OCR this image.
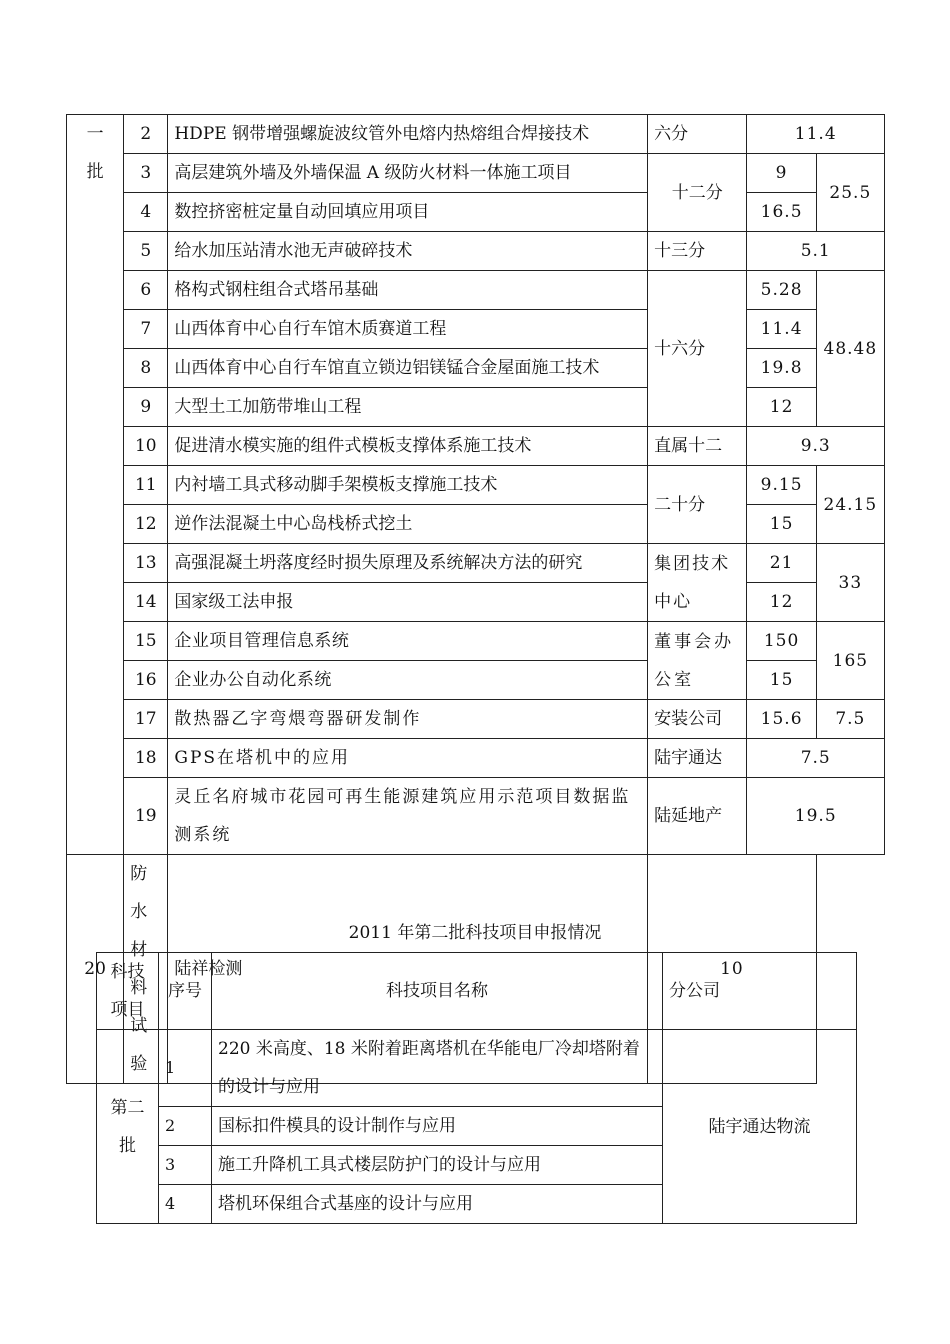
一
批	2	HDPE 钢带增强螺旋波纹管外电熔内热熔组合焊接技术	六分	11.4	
	3	高层建筑外墙及外墙保温 A 级防火材料一体施工项目	十二分	9	25.5
	4	数控挤密桩定量自动回填应用项目		16.5	
	5	给水加压站清水池无声破碎技术	十三分	5.1	
	6	格构式钢柱组合式塔吊基础	十六分	5.28	48.48
	7	山西体育中心自行车馆木质赛道工程		11.4	
	8	山西体育中心自行车馆直立锁边铝镁锰合金屋面施工技术		19.8	

	9	大型土工加筋带堆山工程		12	
	10	促进清水模实施的组件式模板支撑体系施工技术	直属十二	9.3	
	11	内衬墙工具式移动脚手架模板支撑施工技术	二十分	9.15	24.15
	12	逆作法混凝土中心岛栈桥式挖土		15	
	13	高强混凝土坍落度经时损失原理及系统解决方法的研究	集团技术中心	21	33
	14	国家级工法申报		12	
	15	企业项目管理信息系统	董事会办公室	150	165
	16	企业办公自动化系统		15	
	17	散热器乙字弯煨弯器研发制作	安装公司	15.6	7.5
	18	GPS在塔机中的应用	陆宇通达	7.5	
	19	灵丘名府城市花园可再生能源建筑应用示范项目数据监测系统	陆延地产	19.5	
20	防水材料试验	陆祥检测	10		
2011 年第二批科技项目申报情况
科技项目	序号	科技项目名称	分公司
第二批	1	220 米高度、18 米附着距离塔机在华能电厂冷却塔附着的设计与应用	陆宇通达物流
	2	国标扣件模具的设计制作与应用	
	3	施工升降机工具式楼层防护门的设计与应用	
	4	塔机环保组合式基座的设计与应用	
